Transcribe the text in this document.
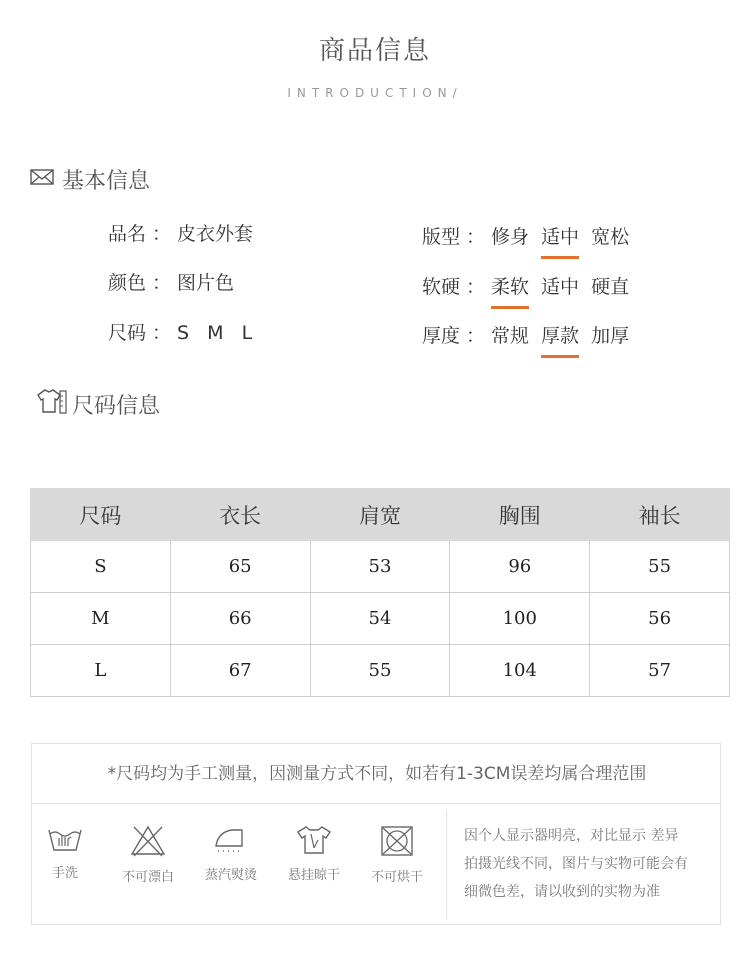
商品信息
INTRODUCTION/
基本信息
品名 ： 皮衣外套
颜色 ： 图片色
尺码 ： S M L
版型 ： 修身 适中 宽松
软硬 ： 柔软 适中 硬直
厚度 ： 常规 厚款 加厚
尺码信息
尺码	衣长	肩宽	胸围	袖长
S	65	53	96	55
M	66	54	100	56
L	67	55	104	57
*尺码均为手工测量，因测量方式不同，如若有1-3CM误差均属合理范围
手洗	不可漂白	蒸汽熨烫	悬挂晾干	不可烘干
因个人显示器明亮，对比显示 差异
拍摄光线不同，图片与实物可能会有
细微色差，请以收到的实物为准
